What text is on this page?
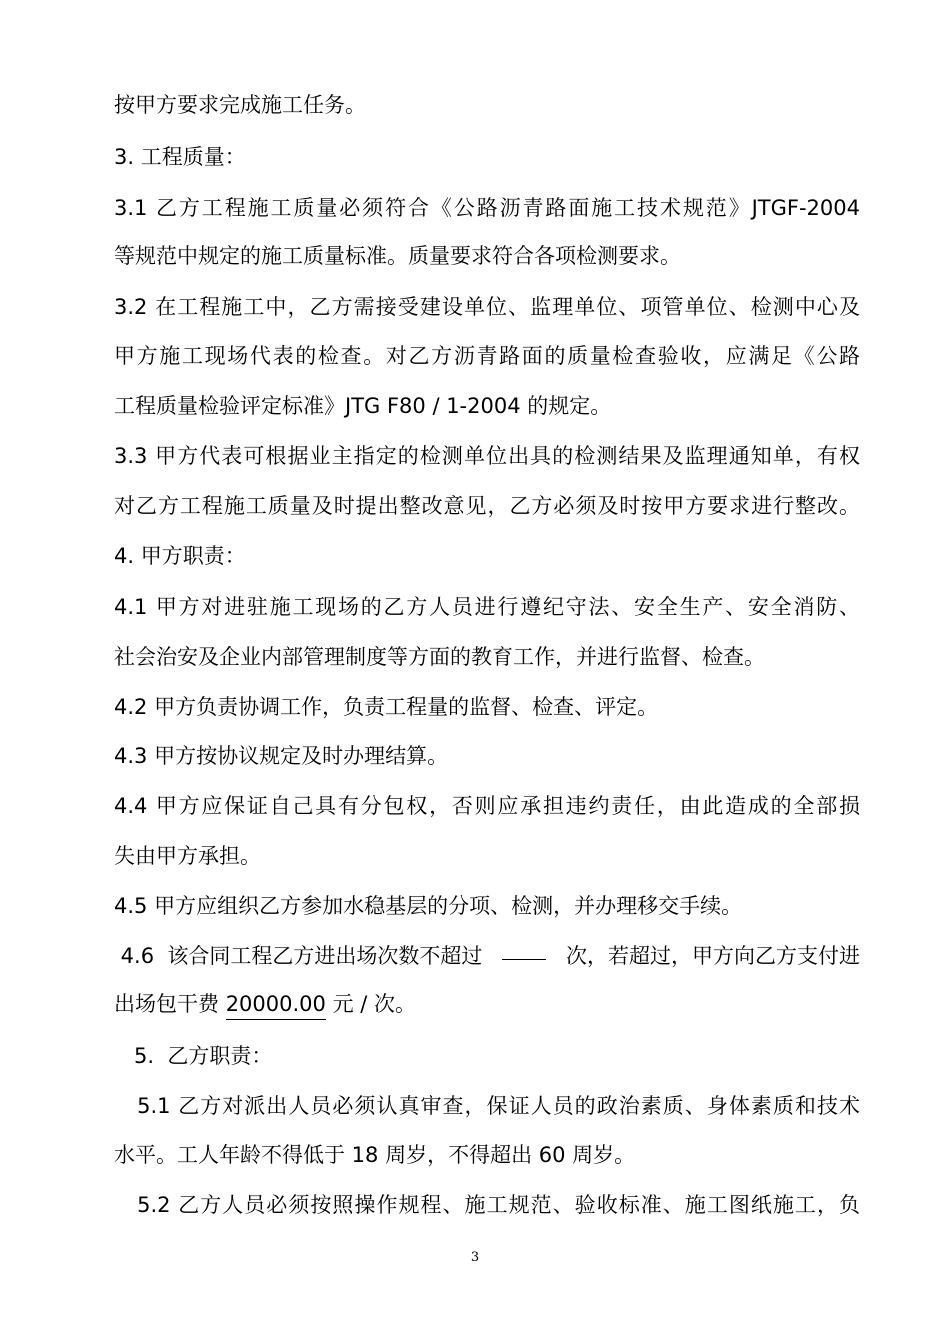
按甲方要求完成施工任务。
3. 工程质量：
3.1 乙方工程施工质量必须符合《公路沥青路面施工技术规范》JTGF-2004
等规范中规定的施工质量标准。质量要求符合各项检测要求。
3.2 在工程施工中，乙方需接受建设单位、监理单位、项管单位、检测中心及
甲方施工现场代表的检查。对乙方沥青路面的质量检查验收，应满足《公路
工程质量检验评定标准》JTG F80 / 1-2004 的规定。
3.3 甲方代表可根据业主指定的检测单位出具的检测结果及监理通知单，有权
对乙方工程施工质量及时提出整改意见，乙方必须及时按甲方要求进行整改。
4. 甲方职责：
4.1 甲方对进驻施工现场的乙方人员进行遵纪守法、安全生产、安全消防、
社会治安及企业内部管理制度等方面的教育工作，并进行监督、检查。
4.2 甲方负责协调工作，负责工程量的监督、检查、评定。
4.3 甲方按协议规定及时办理结算。
4.4 甲方应保证自己具有分包权，否则应承担违约责任，由此造成的全部损
失由甲方承担。
4.5 甲方应组织乙方参加水稳基层的分项、检测，并办理移交手续。
4.6  该合同工程乙方进出场次数不超过	次，若超过，甲方向乙方支付进
出场包干费 20000.00 元 / 次。
5.  乙方职责：
5.1 乙方对派出人员必须认真审查，保证人员的政治素质、身体素质和技术
水平。工人年龄不得低于 18 周岁，不得超出 60 周岁。
5.2 乙方人员必须按照操作规程、施工规范、验收标准、施工图纸施工，负
3
